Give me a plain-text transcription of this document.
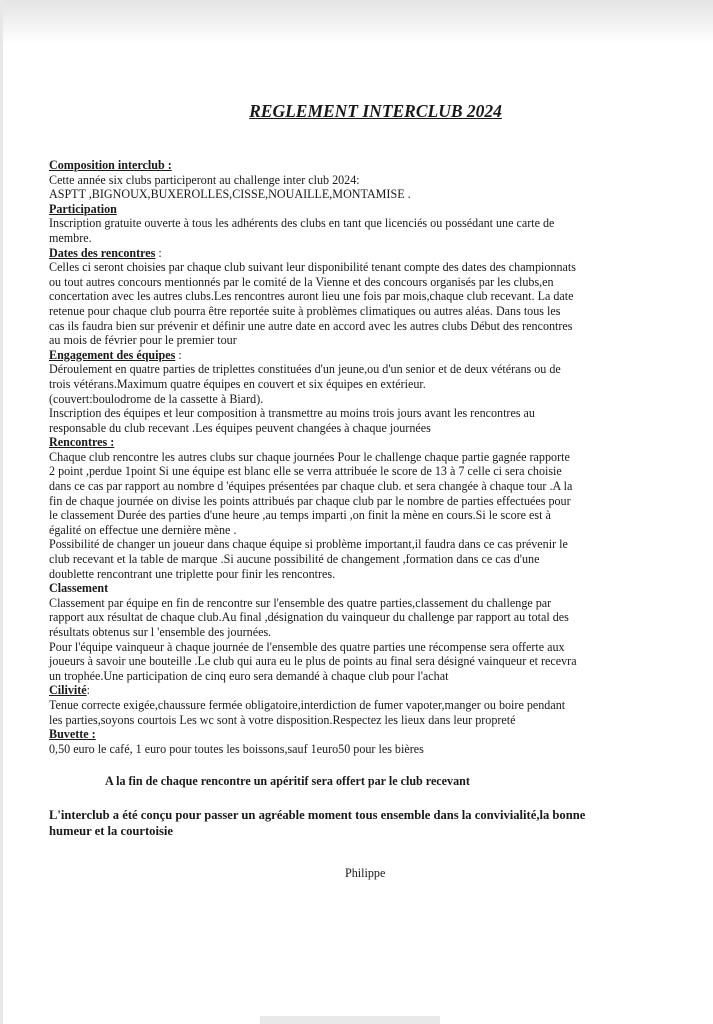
REGLEMENT INTERCLUB 2024

Composition interclub :

Cette année six clubs participeront au challenge inter club 2024:

ASPTT ,BIGNOUX,BUXEROLLES,CISSE,NOUAILLE,MONTAMISE .

Participation

Inscription gratuite ouverte à tous les adhérents des clubs en tant que licenciés ou possédant une carte de

membre.

Dates des rencontres :

Celles ci seront choisies par chaque club suivant leur disponibilité tenant compte des dates des championnats

ou tout autres concours mentionnés par le comité de la Vienne et des concours organisés par les clubs,en

concertation avec les autres clubs.Les rencontres auront lieu une fois par mois,chaque club recevant. La date

retenue pour chaque club pourra être reportée suite à problèmes climatiques ou autres aléas. Dans tous les

cas ils faudra bien sur prévenir et définir une autre date en accord avec les autres clubs Début des rencontres

au mois de février pour le premier tour

Engagement des équipes :

Déroulement en quatre parties de triplettes constituées d'un jeune,ou d'un senior et de deux vétérans ou de

trois vétérans.Maximum quatre équipes en couvert et six équipes en extérieur.

(couvert:boulodrome de la cassette à Biard).

Inscription des équipes et leur composition à transmettre au moins trois jours avant les rencontres au

responsable du club recevant .Les équipes peuvent changées à chaque journées

Rencontres :

Chaque club rencontre les autres clubs sur chaque journées Pour le challenge chaque partie gagnée rapporte

2 point ,perdue 1point Si une équipe est blanc elle se verra attribuée le score de 13 à 7 celle ci sera choisie

dans ce cas par rapport au nombre d 'équipes présentées par chaque club. et sera changée à chaque tour .A la

fin de chaque journée on divise les points attribués par chaque club par le nombre de parties effectuées pour

le classement Durée des parties d'une heure ,au temps imparti ,on finit la mène en cours.Si le score est à

égalité on effectue une dernière mène .

Possibilité de changer un joueur dans chaque équipe si problème important,il faudra dans ce cas prévenir le

club recevant et la table de marque .Si aucune possibilité de changement ,formation dans ce cas d'une

doublette rencontrant une triplette pour finir les rencontres.

Classement

Classement par équipe en fin de rencontre sur l'ensemble des quatre parties,classement du challenge par

rapport aux résultat de chaque club.Au final ,désignation du vainqueur du challenge par rapport au total des

résultats obtenus sur l 'ensemble des journées.

Pour l'équipe vainqueur à chaque journée de l'ensemble des quatre parties une récompense sera offerte aux

joueurs à savoir une bouteille .Le club qui aura eu le plus de points au final sera désigné vainqueur et recevra

un trophée.Une participation de cinq euro sera demandé à chaque club pour l'achat

Cilivité:

Tenue correcte exigée,chaussure fermée obligatoire,interdiction de fumer vapoter,manger ou boire pendant

les parties,soyons courtois Les wc sont à votre disposition.Respectez les lieux dans leur propreté

Buvette :

0,50 euro le café, 1 euro pour toutes les boissons,sauf 1euro50 pour les bières

A la fin de chaque rencontre un apéritif sera offert par le club recevant

L'interclub a été conçu pour passer un agréable moment tous ensemble dans la convivialité,la bonne
humeur et la courtoisie

Philippe
